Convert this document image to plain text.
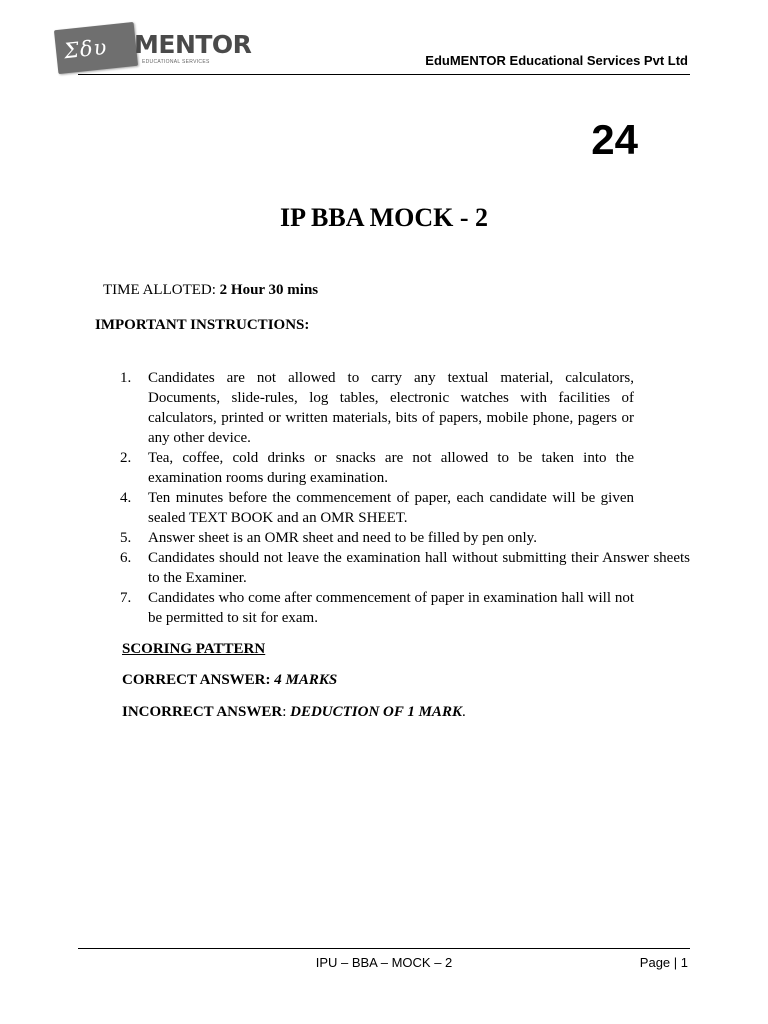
Σδυ MENTOR
EDUCATIONAL SERVICES	EduMENTOR Educational Services Pvt Ltd
24
IP BBA MOCK - 2
TIME ALLOTED: 2 Hour 30 mins
IMPORTANT INSTRUCTIONS:
1.	Candidates are not allowed to carry any textual material, calculators, Documents, slide-rules, log tables, electronic watches with facilities of calculators, printed or written materials, bits of papers, mobile phone, pagers or any other device.
2.	Tea, coffee, cold drinks or snacks are not allowed to be taken into the examination rooms during examination.
4.	Ten minutes before the commencement of paper, each candidate will be given sealed TEXT BOOK and an OMR SHEET.
5.	Answer sheet is an OMR sheet and need to be filled by pen only.
6.	Candidates should not leave the examination hall without submitting their Answer sheets to the Examiner.
7.	Candidates who come after commencement of paper in examination hall will not be permitted to sit for exam.
SCORING PATTERN
CORRECT ANSWER: 4 MARKS
INCORRECT ANSWER: DEDUCTION OF 1 MARK.
IPU – BBA – MOCK – 2	Page | 1
